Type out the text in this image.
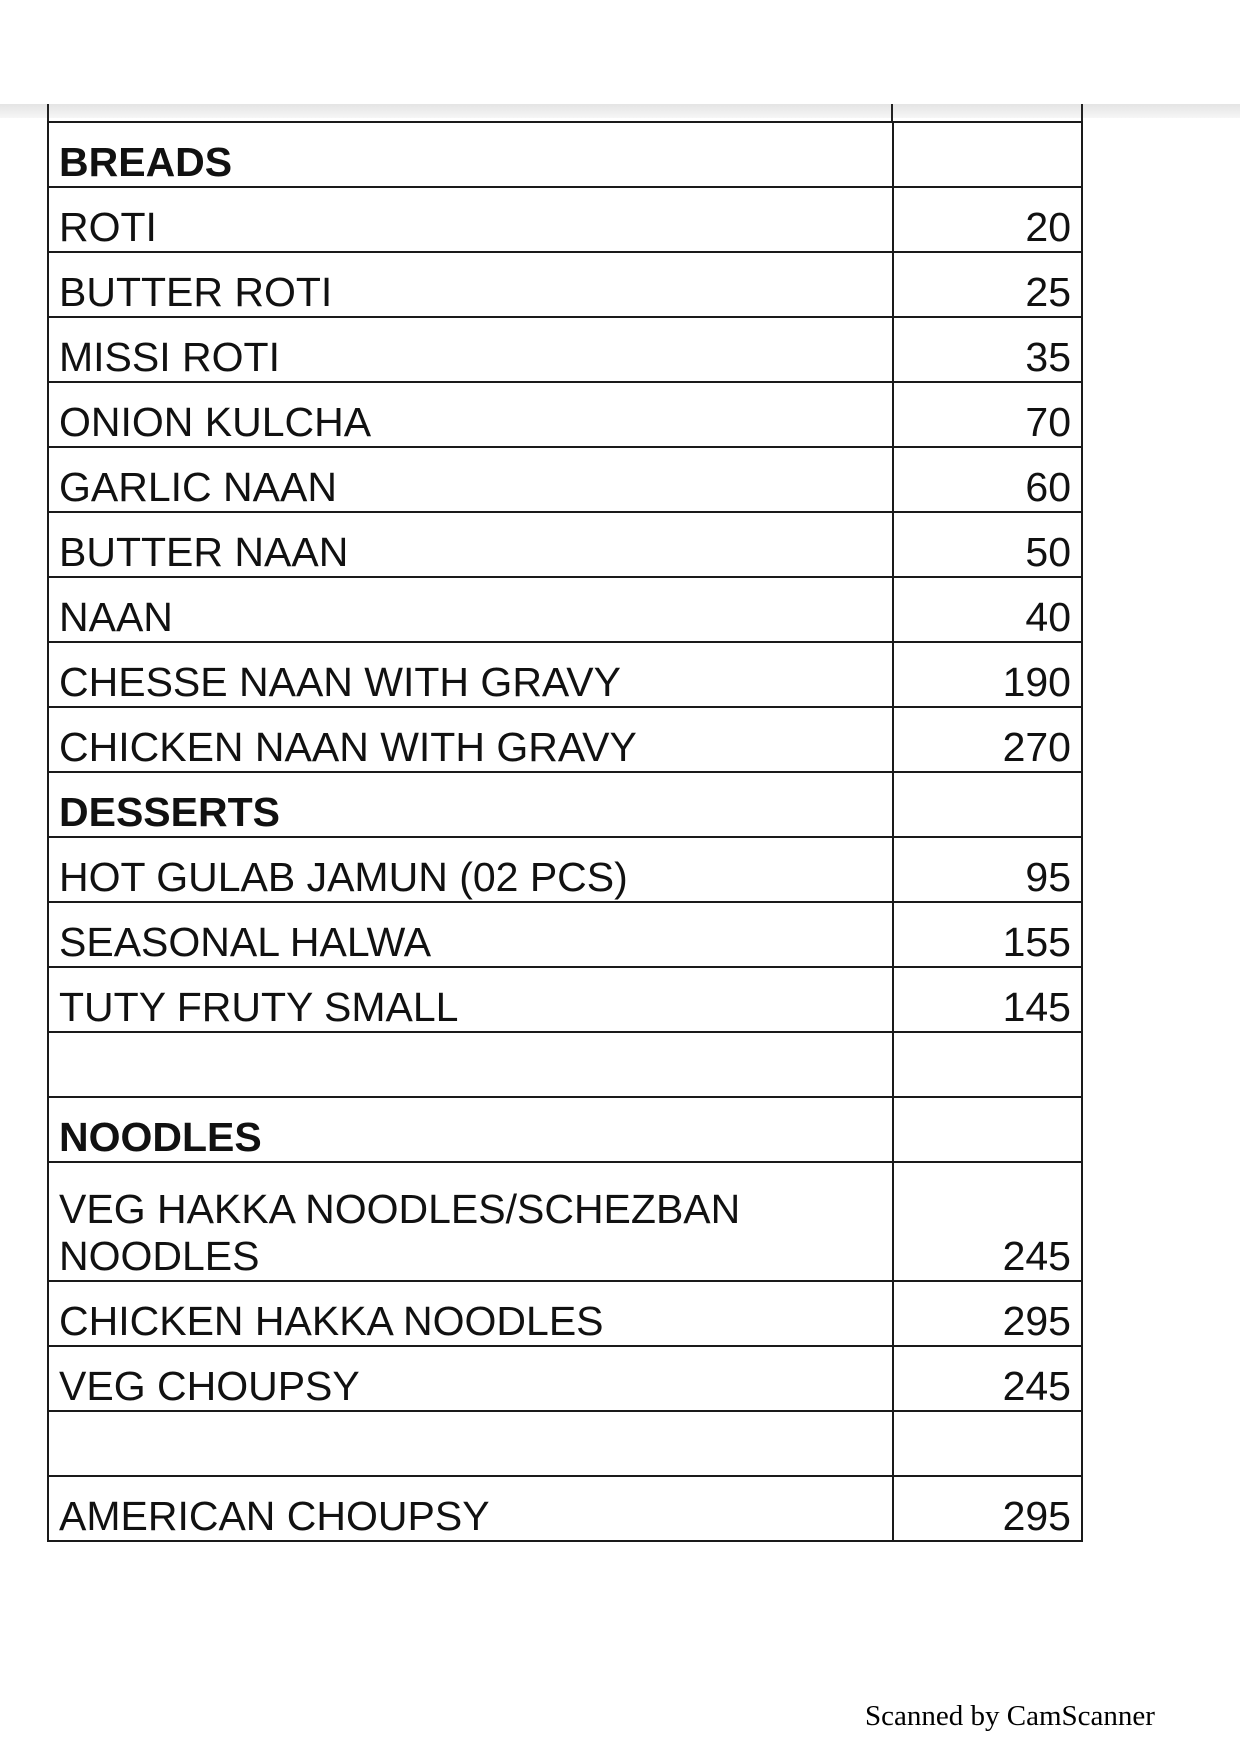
BREADS	
ROTI	20
BUTTER ROTI	25
MISSI ROTI	35
ONION KULCHA	70
GARLIC NAAN	60
BUTTER NAAN	50
NAAN	40
CHESSE NAAN WITH GRAVY	190
CHICKEN NAAN WITH GRAVY	270
DESSERTS	
HOT GULAB JAMUN (02 PCS)	95
SEASONAL HALWA	155
TUTY FRUTY SMALL	145

NOODLES	
VEG HAKKA NOODLES/SCHEZBAN NOODLES	245
CHICKEN HAKKA NOODLES	295
VEG CHOUPSY	245

AMERICAN CHOUPSY	295
Scanned by CamScanner
